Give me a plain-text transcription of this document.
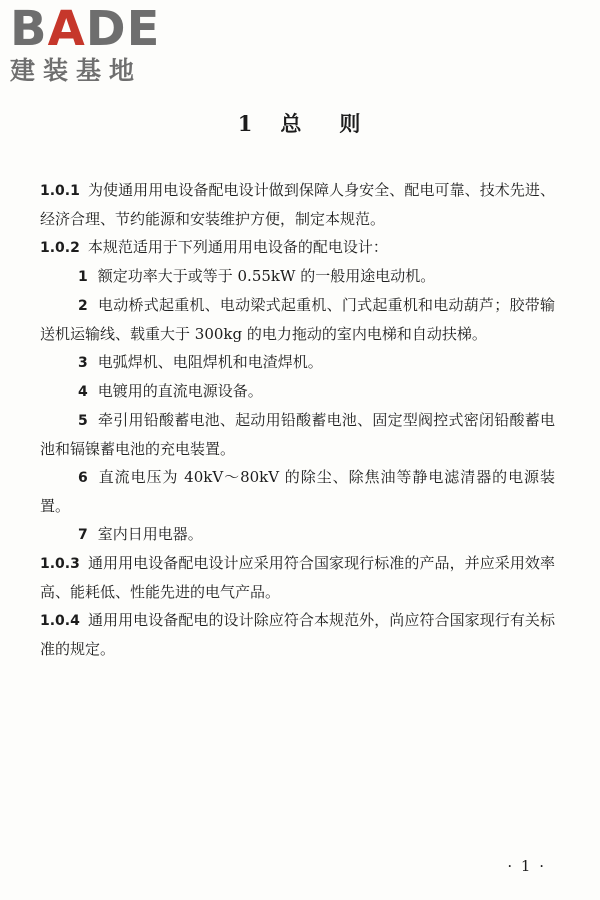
BADE
建装基地
1 总 则

1.0.1 为使通用用电设备配电设计做到保障人身安全、配电可靠、技术先进、经济合理、节约能源和安装维护方便，制定本规范。

1.0.2 本规范适用于下列通用用电设备的配电设计：

1 额定功率大于或等于 0.55kW 的一般用途电动机。

2 电动桥式起重机、电动梁式起重机、门式起重机和电动葫芦；胶带输送机运输线、载重大于 300kg 的电力拖动的室内电梯和自动扶梯。

3 电弧焊机、电阻焊机和电渣焊机。

4 电镀用的直流电源设备。

5 牵引用铅酸蓄电池、起动用铅酸蓄电池、固定型阀控式密闭铅酸蓄电池和镉镍蓄电池的充电装置。

6 直流电压为 40kV～80kV 的除尘、除焦油等静电滤清器的电源装置。

7 室内日用电器。

1.0.3 通用用电设备配电设计应采用符合国家现行标准的产品，并应采用效率高、能耗低、性能先进的电气产品。

1.0.4 通用用电设备配电的设计除应符合本规范外，尚应符合国家现行有关标准的规定。

· 1 ·
